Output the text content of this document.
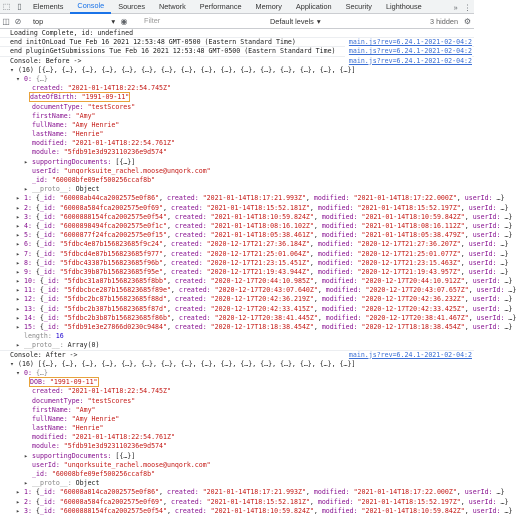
⬚ ▯	Elements	Console	Sources	Network	Performance	Memory	Application	Security	Lighthouse	» ⋮
◫ ⊘	top	▾ ◉	Filter	Default levels ▾	3 hidden ⚙
Loading Complete, id: undefined
end initOnLoad Tue Feb 16 2021 12:53:48 GMT-0500 (Eastern Standard Time)	main.js?rev=6.24.1-2021-02-04:2
end pluginGetSubmissions Tue Feb 16 2021 12:53:48 GMT-0500 (Eastern Standard Time)	main.js?rev=6.24.1-2021-02-04:2
Console: Before ->	main.js?rev=6.24.1-2021-02-04:2
▾ (16) [{…}, {…}, {…}, {…}, {…}, {…}, {…}, {…}, {…}, {…}, {…}, {…}, {…}, {…}, {…}, {…}]
▾ 0: {…}
created: "2021-01-14T18:22:54.745Z"
dateOfBirth: "1991-09-11"
documentType: "testScores"
firstName: "Amy"
fullName: "Amy Henrie"
lastName: "Henrie"
modified: "2021-01-14T18:22:54.761Z"
module: "5fdb91e3d923110236e9d574"
▸ supportingDocuments: [{…}]
userId: "unqorksuite_rachel.moose@unqork.com"
_id: "60008bfe09ef500256ccaf8b"
▸ __proto__: Object
▸ 1: {_id: "60008ab44ca2002575e0f86", created: "2021-01-14T18:17:21.993Z", modified: "2021-01-14T18:17:22.000Z", userId: …}
▸ 2: {_id: "60008a584fca2002575e0f69", created: "2021-01-14T18:15:52.181Z", modified: "2021-01-14T18:15:52.197Z", userId: …}
▸ 3: {_id: "6000888154fca2002575e0f54", created: "2021-01-14T18:10:59.824Z", modified: "2021-01-14T18:10:59.842Z", userId: …}
▸ 4: {_id: "6000898494fca2002575e0f1c", created: "2021-01-14T18:08:16.102Z", modified: "2021-01-14T18:08:16.112Z", userId: …}
▸ 5: {_id: "6000877f24fca2002575e0f15", created: "2021-01-14T18:05:38.461Z", modified: "2021-01-14T18:05:38.479Z", userId: …}
▸ 6: {_id: "5fdbc4e87b156823685f9c24", created: "2020-12-17T21:27:36.184Z", modified: "2020-12-17T21:27:36.207Z", userId: …}
▸ 7: {_id: "5fdbcd4e87b156823685f977", created: "2020-12-17T21:25:01.064Z", modified: "2020-12-17T21:25:01.077Z", userId: …}
▸ 8: {_id: "5fdbc43387b156823685f96b", created: "2020-12-17T21:23:15.451Z", modified: "2020-12-17T21:23:15.463Z", userId: …}
▸ 9: {_id: "5fdbc39b87b156823685f95e", created: "2020-12-17T21:19:43.944Z", modified: "2020-12-17T21:19:43.957Z", userId: …}
▸ 10: {_id: "5fdbc31a87b156823685f8bb", created: "2020-12-17T20:44:10.985Z", modified: "2020-12-17T20:44:10.912Z", userId: …}
▸ 11: {_id: "5fdbcbce287b156823685f89e", created: "2020-12-17T20:43:07.640Z", modified: "2020-12-17T20:43:07.657Z", userId: …}
▸ 12: {_id: "5fdbc2bc87b156823685f88d", created: "2020-12-17T20:42:36.219Z", modified: "2020-12-17T20:42:36.232Z", userId: …}
▸ 13: {_id: "5fdbc2b387b156823685f87d", created: "2020-12-17T20:42:33.415Z", modified: "2020-12-17T20:42:33.425Z", userId: …}
▸ 14: {_id: "5fdbc2b3b87b156823685f86b", created: "2020-12-17T20:38:41.445Z", modified: "2020-12-17T20:38:41.467Z", userId: …}
▸ 15: {_id: "5fdb91e3e27866d0230c9484", created: "2020-12-17T18:18:38.454Z", modified: "2020-12-17T18:18:38.454Z", userId: …}
length: 16
▸ __proto__: Array(0)
Console: After ->	main.js?rev=6.24.1-2021-02-04:2
▾ (16) [{…}, {…}, {…}, {…}, {…}, {…}, {…}, {…}, {…}, {…}, {…}, {…}, {…}, {…}, {…}, {…}]
▾ 0: {…}
DOB: "1991-09-11"
created: "2021-01-14T18:22:54.745Z"
documentType: "testScores"
firstName: "Amy"
fullName: "Amy Henrie"
lastName: "Henrie"
modified: "2021-01-14T18:22:54.761Z"
module: "5fdb91e3d923110236e9d574"
▸ supportingDocuments: [{…}]
userId: "unqorksuite_rachel.moose@unqork.com"
_id: "60008bfe09ef500256ccaf8b"
▸ __proto__: Object
▸ 1: {_id: "60008a814ca2002575e0f86", created: "2021-01-14T18:17:21.993Z", modified: "2021-01-14T18:17:22.000Z", userId: …}
▸ 2: {_id: "60008a584fca2002575e0f69", created: "2021-01-14T18:15:52.181Z", modified: "2021-01-14T18:15:52.197Z", userId: …}
▸ 3: {_id: "6000888154fca2002575e0f54", created: "2021-01-14T18:10:59.824Z", modified: "2021-01-14T18:10:59.842Z", userId: …}
